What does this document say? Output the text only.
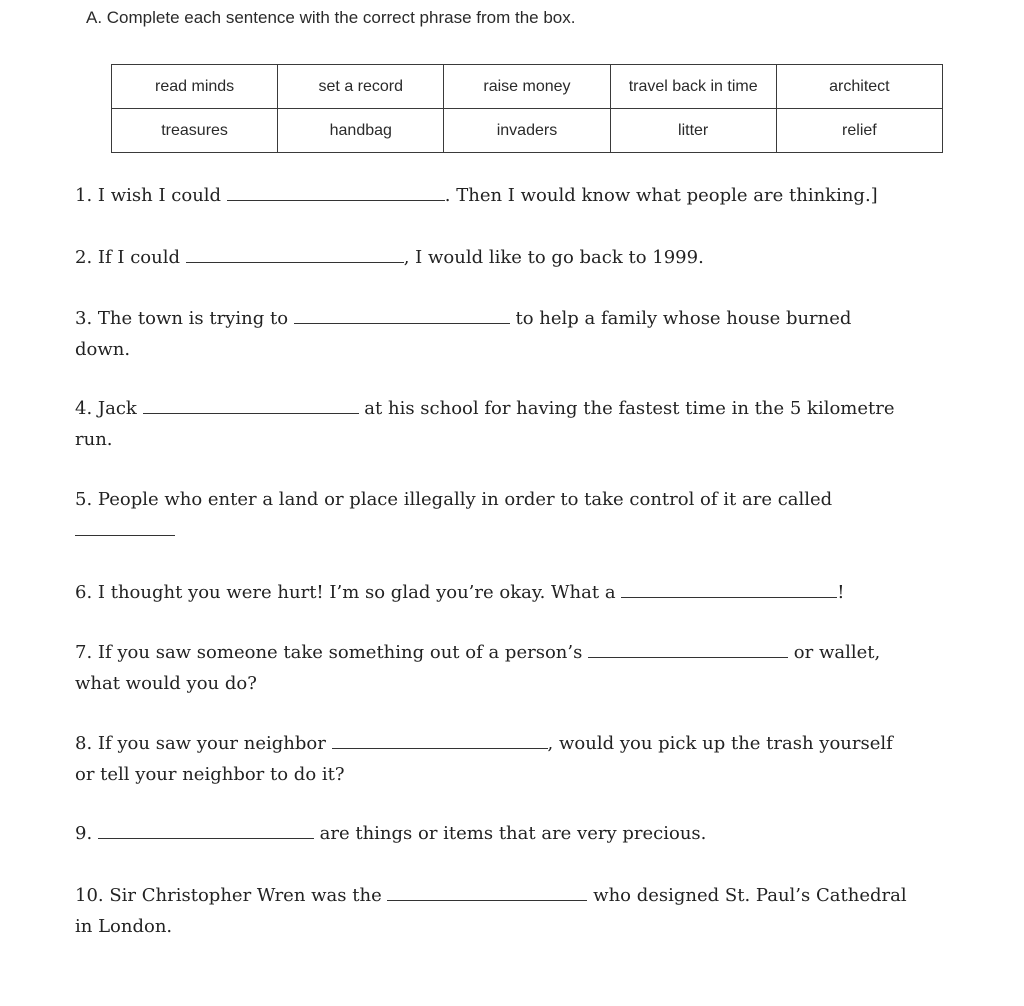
A. Complete each sentence with the correct phrase from the box.
read minds	set a record	raise money	travel back in time	architect
treasures	handbag	invaders	litter	relief
1. I wish I could	. Then I would know what people are thinking.]
2. If I could	, I would like to go back to 1999.
3. The town is trying to	to help a family whose house burned
down.
4. Jack	at his school for having the fastest time in the 5 kilometre
run.
5. People who enter a land or place illegally in order to take control of it are called

6. I thought you were hurt! I’m so glad you’re okay. What a	!
7. If you saw someone take something out of a person’s	or wallet,
what would you do?
8. If you saw your neighbor	, would you pick up the trash yourself
or tell your neighbor to do it?
9.	are things or items that are very precious.
10. Sir Christopher Wren was the	who designed St. Paul’s Cathedral
in London.
